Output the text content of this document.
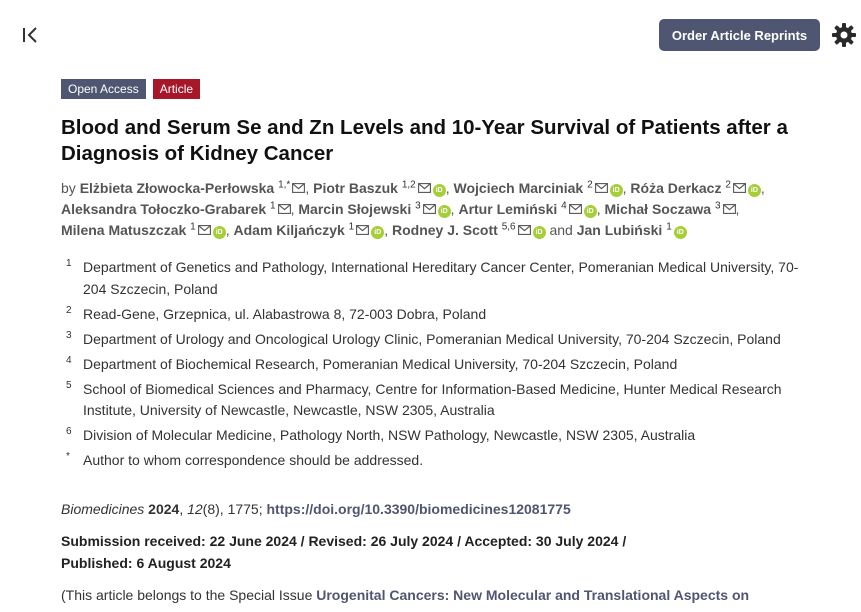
Order Article Reprints
Open Access	Article
Blood and Serum Se and Zn Levels and 10-Year Survival of Patients after a Diagnosis of Kidney Cancer
by Elżbieta Złowocka-Perłowska $^{1,*}$ , Piotr Baszuk $^{1,2}$iD , Wojciech Marciniak $^2$iD , Róża Derkacz $^2$iD , Aleksandra Tołoczko-Grabarek $^1$ , Marcin Słojewski $^3$iD , Artur Lemiński $^4$iD , Michał Soczawa $^3$ , Milena Matuszczak $^1$iD , Adam Kiljańczyk $^1$iD , Rodney J. Scott $^{5,6}$iD and Jan Lubiński $^1$iD
1 Department of Genetics and Pathology, International Hereditary Cancer Center, Pomeranian Medical University, 70-204 Szczecin, Poland
2 Read-Gene, Grzepnica, ul. Alabastrowa 8, 72-003 Dobra, Poland
3 Department of Urology and Oncological Urology Clinic, Pomeranian Medical University, 70-204 Szczecin, Poland
4 Department of Biochemical Research, Pomeranian Medical University, 70-204 Szczecin, Poland
5 School of Biomedical Sciences and Pharmacy, Centre for Information-Based Medicine, Hunter Medical Research Institute, University of Newcastle, Newcastle, NSW 2305, Australia
6 Division of Molecular Medicine, Pathology North, NSW Pathology, Newcastle, NSW 2305, Australia
* Author to whom correspondence should be addressed.
Biomedicines 2024, 12(8), 1775; https://doi.org/10.3390/biomedicines12081775
Submission received: 22 June 2024 / Revised: 26 July 2024 / Accepted: 30 July 2024 / Published: 6 August 2024
(This article belongs to the Special Issue Urogenital Cancers: New Molecular and Translational Aspects on
